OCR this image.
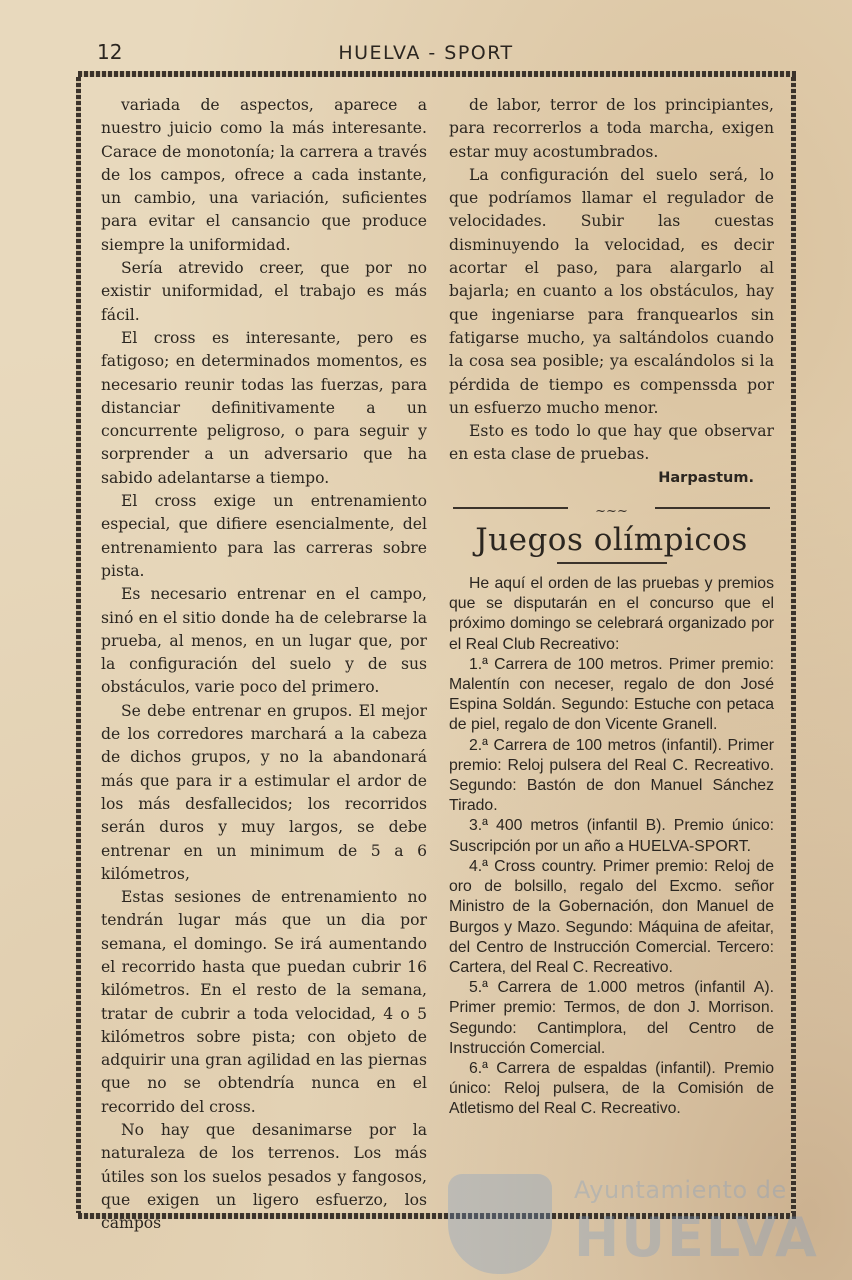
12	HUELVA - SPORT

variada de aspectos, aparece a nuestro juicio como la más interesante. Carace de monotonía; la carrera a través de los campos, ofrece a cada instante, un cambio, una variación, suficientes para evitar el cansancio que produce siempre la uniformidad.

Sería atrevido creer, que por no existir uniformidad, el trabajo es más fácil.

El cross es interesante, pero es fatigoso; en determinados momentos, es necesario reunir todas las fuerzas, para distanciar definitivamente a un concurrente peligroso, o para seguir y sorprender a un adversario que ha sabido adelantarse a tiempo.

El cross exige un entrenamiento especial, que difiere esencialmente, del entrenamiento para las carreras sobre pista.

Es necesario entrenar en el campo, sinó en el sitio donde ha de celebrarse la prueba, al menos, en un lugar que, por la configuración del suelo y de sus obstáculos, varie poco del primero.

Se debe entrenar en grupos. El mejor de los corredores marchará a la cabeza de dichos grupos, y no la abandonará más que para ir a estimular el ardor de los más desfallecidos; los recorridos serán duros y muy largos, se debe entrenar en un minimum de 5 a 6 kilómetros,

Estas sesiones de entrenamiento no tendrán lugar más que un dia por semana, el domingo. Se irá aumentando el recorrido hasta que puedan cubrir 16 kilómetros. En el resto de la semana, tratar de cubrir a toda velocidad, 4 o 5 kilómetros sobre pista; con objeto de adquirir una gran agilidad en las piernas que no se obtendría nunca en el recorrido del cross.

No hay que desanimarse por la naturaleza de los terrenos. Los más útiles son los suelos pesados y fangosos, que exigen un ligero esfuerzo, los campos

de labor, terror de los principiantes, para recorrerlos a toda marcha, exigen estar muy acostumbrados.

La configuración del suelo será, lo que podríamos llamar el regulador de velocidades. Subir las cuestas disminuyendo la velocidad, es decir acortar el paso, para alargarlo al bajarla; en cuanto a los obstáculos, hay que ingeniarse para franquearlos sin fatigarse mucho, ya saltándolos cuando la cosa sea posible; ya escalándolos si la pérdida de tiempo es compenssda por un esfuerzo mucho menor.

Esto es todo lo que hay que observar en esta clase de pruebas.

Harpastum.

~~~
Juegos olímpicos

He aquí el orden de las pruebas y premios que se disputarán en el concurso que el próximo domingo se celebrará organizado por el Real Club Recreativo:

1.ª Carrera de 100 metros. Primer premio: Malentín con neceser, regalo de don José Espina Soldán. Segundo: Estuche con petaca de piel, regalo de don Vicente Granell.

2.ª Carrera de 100 metros (infantil). Primer premio: Reloj pulsera del Real C. Recreativo. Segundo: Bastón de don Manuel Sánchez Tirado.

3.ª 400 metros (infantil B). Premio único: Suscripción por un año a HUELVA-SPORT.

4.ª Cross country. Primer premio: Reloj de oro de bolsillo, regalo del Excmo. señor Ministro de la Gobernación, don Manuel de Burgos y Mazo. Segundo: Máquina de afeitar, del Centro de Instrucción Comercial. Tercero: Cartera, del Real C. Recreativo.

5.ª Carrera de 1.000 metros (infantil A). Primer premio: Termos, de don J. Morrison. Segundo: Cantimplora, del Centro de Instrucción Comercial.

6.ª Carrera de espaldas (infantil). Premio único: Reloj pulsera, de la Comisión de Atletismo del Real C. Recreativo.

Ayuntamiento de
HUELVA
